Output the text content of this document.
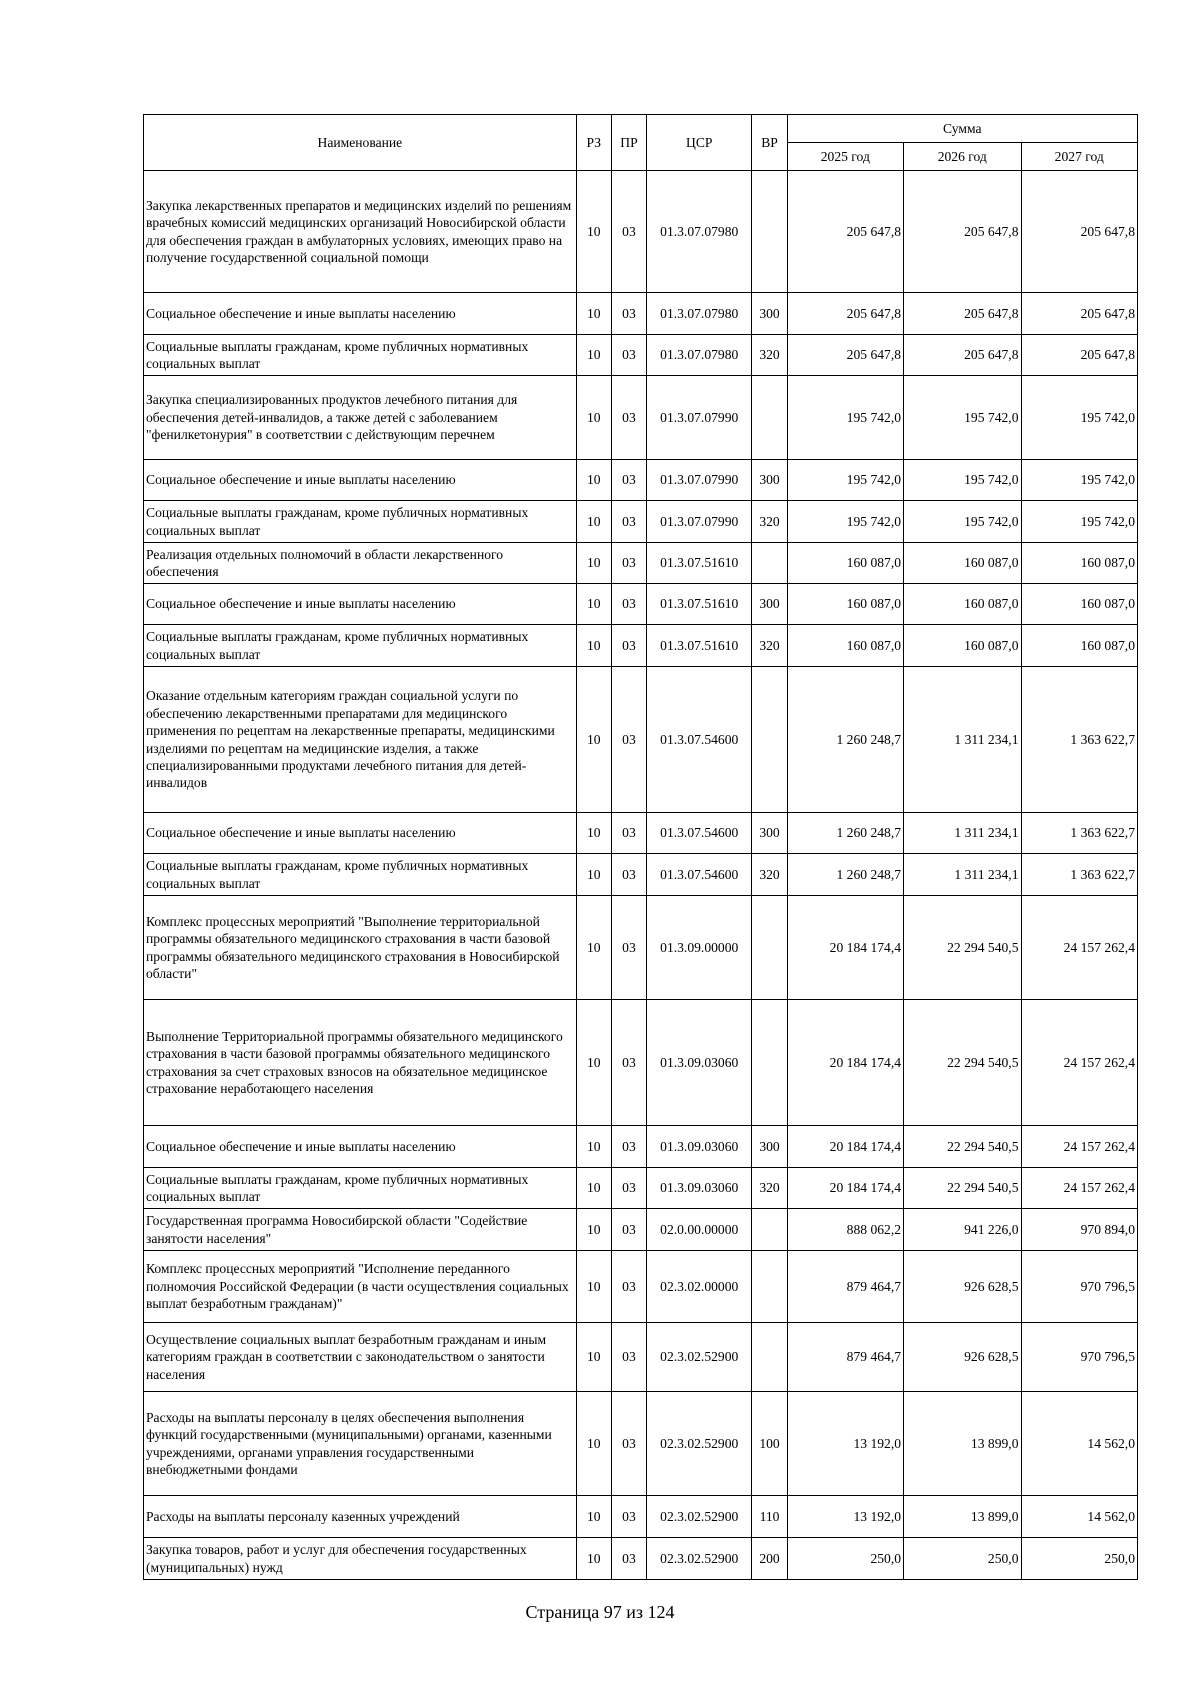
Наименование	РЗ	ПР	ЦСР	ВР	Сумма		
					2025 год	2026 год	2027 год
Закупка лекарственных препаратов и медицинских изделий по решениям врачебных комиссий медицинских организаций Новосибирской области для обеспечения граждан в амбулаторных условиях, имеющих право на получение государственной социальной помощи	10	03	01.3.07.07980		205 647,8	205 647,8	205 647,8
Социальное обеспечение и иные выплаты населению	10	03	01.3.07.07980	300	205 647,8	205 647,8	205 647,8
Социальные выплаты гражданам, кроме публичных нормативных социальных выплат	10	03	01.3.07.07980	320	205 647,8	205 647,8	205 647,8
Закупка специализированных продуктов лечебного питания для обеспечения детей-инвалидов, а также детей с заболеванием "фенилкетонурия" в соответствии с действующим перечнем	10	03	01.3.07.07990		195 742,0	195 742,0	195 742,0
Социальное обеспечение и иные выплаты населению	10	03	01.3.07.07990	300	195 742,0	195 742,0	195 742,0
Социальные выплаты гражданам, кроме публичных нормативных социальных выплат	10	03	01.3.07.07990	320	195 742,0	195 742,0	195 742,0
Реализация отдельных полномочий в области лекарственного обеспечения	10	03	01.3.07.51610		160 087,0	160 087,0	160 087,0
Социальное обеспечение и иные выплаты населению	10	03	01.3.07.51610	300	160 087,0	160 087,0	160 087,0
Социальные выплаты гражданам, кроме публичных нормативных социальных выплат	10	03	01.3.07.51610	320	160 087,0	160 087,0	160 087,0
Оказание отдельным категориям граждан социальной услуги по обеспечению лекарственными препаратами для медицинского применения по рецептам на лекарственные препараты, медицинскими изделиями по рецептам на медицинские изделия, а также специализированными продуктами лечебного питания для детей-инвалидов	10	03	01.3.07.54600		1 260 248,7	1 311 234,1	1 363 622,7
Социальное обеспечение и иные выплаты населению	10	03	01.3.07.54600	300	1 260 248,7	1 311 234,1	1 363 622,7
Социальные выплаты гражданам, кроме публичных нормативных социальных выплат	10	03	01.3.07.54600	320	1 260 248,7	1 311 234,1	1 363 622,7
Комплекс процессных мероприятий "Выполнение территориальной программы обязательного медицинского страхования в части базовой программы обязательного медицинского страхования в Новосибирской области"	10	03	01.3.09.00000		20 184 174,4	22 294 540,5	24 157 262,4
Выполнение Территориальной программы обязательного медицинского страхования в части базовой программы обязательного медицинского страхования за счет страховых взносов на обязательное медицинское страхование неработающего населения	10	03	01.3.09.03060		20 184 174,4	22 294 540,5	24 157 262,4
Социальное обеспечение и иные выплаты населению	10	03	01.3.09.03060	300	20 184 174,4	22 294 540,5	24 157 262,4
Социальные выплаты гражданам, кроме публичных нормативных социальных выплат	10	03	01.3.09.03060	320	20 184 174,4	22 294 540,5	24 157 262,4
Государственная программа Новосибирской области "Содействие занятости населения"	10	03	02.0.00.00000		888 062,2	941 226,0	970 894,0
Комплекс процессных мероприятий "Исполнение переданного полномочия Российской Федерации (в части осуществления социальных выплат безработным гражданам)"	10	03	02.3.02.00000		879 464,7	926 628,5	970 796,5
Осуществление социальных выплат безработным гражданам и иным категориям граждан в соответствии с законодательством о занятости населения	10	03	02.3.02.52900		879 464,7	926 628,5	970 796,5
Расходы на выплаты персоналу в целях обеспечения выполнения функций государственными (муниципальными) органами, казенными учреждениями, органами управления государственными внебюджетными фондами	10	03	02.3.02.52900	100	13 192,0	13 899,0	14 562,0
Расходы на выплаты персоналу казенных учреждений	10	03	02.3.02.52900	110	13 192,0	13 899,0	14 562,0
Закупка товаров, работ и услуг для обеспечения государственных (муниципальных) нужд	10	03	02.3.02.52900	200	250,0	250,0	250,0
Страница 97 из 124
